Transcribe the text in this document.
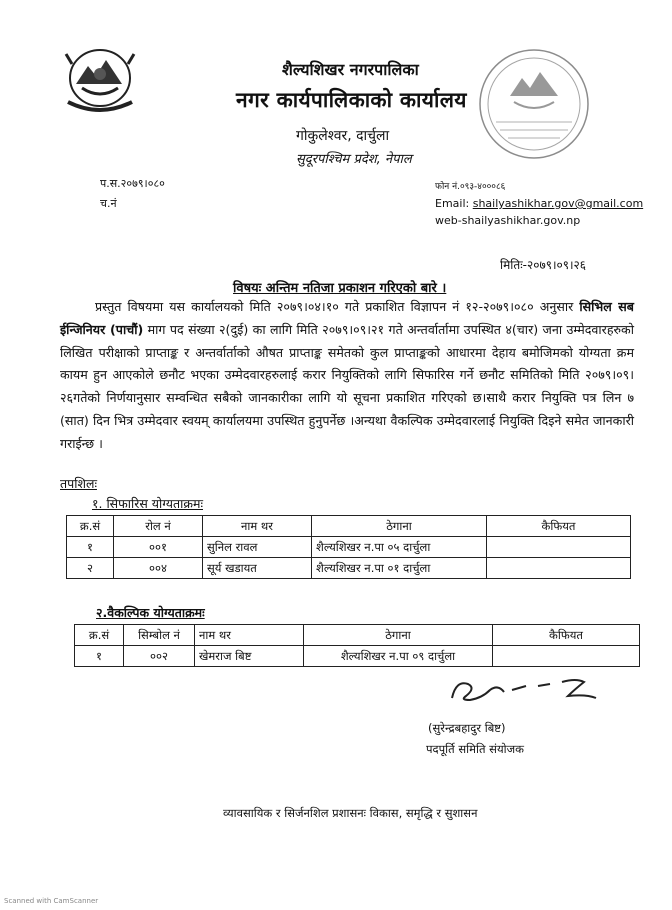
शैल्यशिखर नगरपालिका
नगर कार्यपालिकाको कार्यालय
गोकुलेश्वर, दार्चुला
सुदूरपश्चिम प्रदेश, नेपाल
प.स.२०७९।०८०
च.नं
फोन नं.०९३-४०००८६
Email: shailyashikhar.gov@gmail.com
web-shailyashikhar.gov.np
मितिः-२०७९।०९।२६
विषयः अन्तिम नतिजा प्रकाशन गरिएको बारे ।
प्रस्तुत विषयमा यस कार्यालयको मिति २०७९।०४।१० गते प्रकाशित विज्ञापन नं १२-२०७९।०८० अनुसार सिभिल सब ईन्जिनियर (पाचौं) माग पद संख्या २(दुई) का लागि मिति २०७९।०९।२१ गते अन्तर्वार्तामा उपस्थित ४(चार) जना उम्मेदवारहरुको लिखित परीक्षाको प्राप्ताङ्क र अन्तर्वार्ताको औषत प्राप्ताङ्क समेतको कुल प्राप्ताङ्कको आधारमा देहाय बमोजिमको योग्यता क्रम कायम हुन आएकोले छनौट भएका उम्मेदवारहरुलाई करार नियुक्तिको लागि सिफारिस गर्ने छनौट समितिको मिति २०७९।०९।२६गतेको निर्णयानुसार सम्वन्धित सबैको जानकारीका लागि यो सूचना प्रकाशित गरिएको छ।साथै करार नियुक्ति पत्र लिन ७ (सात) दिन भित्र उम्मेदवार स्वयम् कार्यालयमा उपस्थित हुनुपर्नेछ ।अन्यथा वैकल्पिक उम्मेदवारलाई नियुक्ति दिइने समेत जानकारी गराईन्छ ।
तपशिलः
१. सिफारिस योग्यताक्रमः
क्र.सं	रोल नं	नाम थर	ठेगाना	कैफियत
१	००१	सुनिल रावल	शैल्यशिखर न.पा ०५ दार्चुला	
२	००४	सूर्य खडायत	शैल्यशिखर न.पा ०१ दार्चुला	
२.वैकल्पिक योग्यताक्रमः
क्र.सं	सिम्बोल नं	नाम थर	ठेगाना	कैफियत
१	००२	खेमराज बिष्ट	शैल्यशिखर न.पा ०९ दार्चुला	
(सुरेन्द्रबहादुर बिष्ट)
पदपूर्ति समिति संयोजक
व्यावसायिक र सिर्जनशिल प्रशासनः विकास, समृद्धि र सुशासन
Scanned with CamScanner
